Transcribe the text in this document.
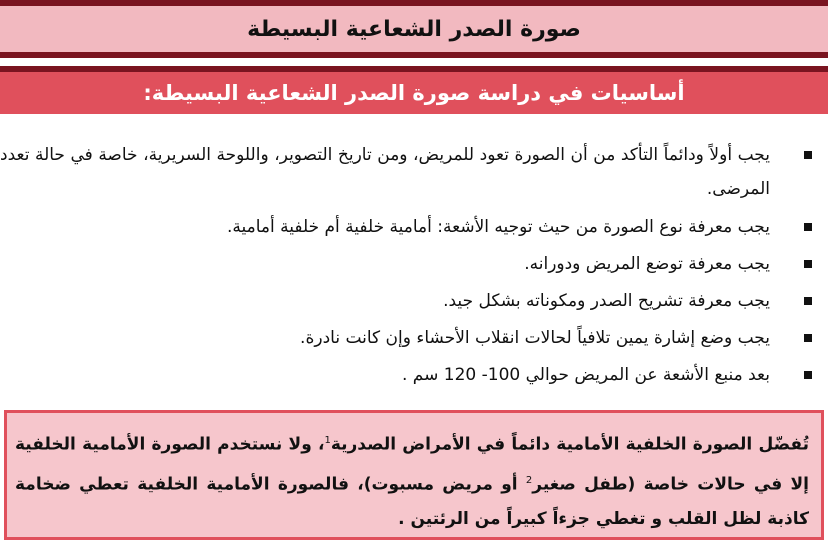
صورة الصدر الشعاعية البسيطة
أساسيات في دراسة صورة الصدر الشعاعية البسيطة:
يجب أولاً ودائماً التأكد من أن الصورة تعود للمريض، ومن تاريخ التصوير، واللوحة السريرية، خاصة في حالة تعدد المرضى.
يجب معرفة نوع الصورة من حيث توجيه الأشعة: أمامية خلفية أم خلفية أمامية.
يجب معرفة توضع المريض ودورانه.
يجب معرفة تشريح الصدر ومكوناته بشكل جيد.
يجب وضع إشارة يمين تلافياً لحالات انقلاب الأحشاء وإن كانت نادرة.
بعد منبع الأشعة عن المريض حوالي 100- 120 سم .

تُفضّل الصورة الخلفية الأمامية دائماً في الأمراض الصدرية$^1$، ولا نستخدم الصورة الأمامية الخلفية إلا في حالات خاصة (طفل صغير$^2$ أو مريض مسبوت)، فالصورة الأمامية الخلفية تعطي ضخامة كاذبة لظل القلب و تغطي جزءاً كبيراً من الرئتين .
